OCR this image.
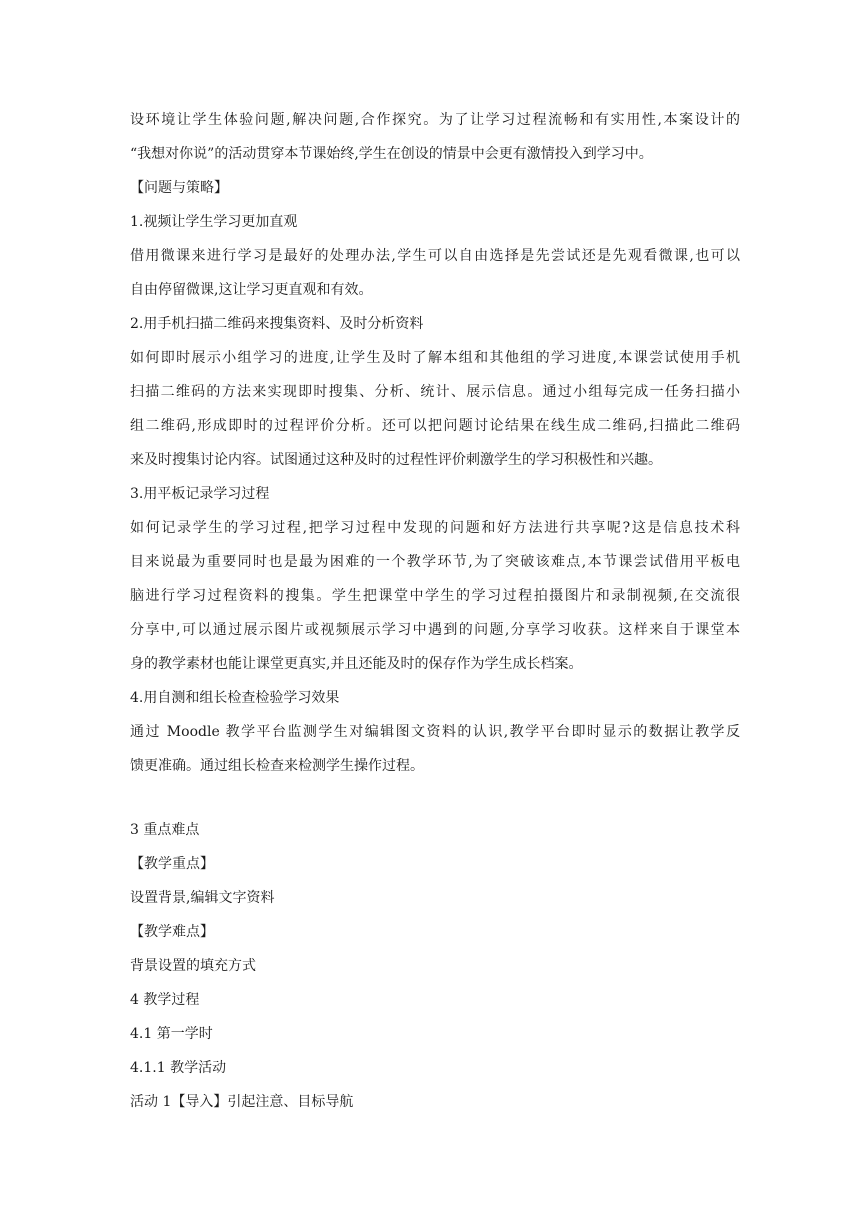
设环境让学生体验问题,解决问题,合作探究。为了让学习过程流畅和有实用性,本案设计的
“我想对你说”的活动贯穿本节课始终,学生在创设的情景中会更有激情投入到学习中。
【问题与策略】
1.视频让学生学习更加直观
借用微课来进行学习是最好的处理办法,学生可以自由选择是先尝试还是先观看微课,也可以
自由停留微课,这让学习更直观和有效。
2.用手机扫描二维码来搜集资料、及时分析资料
如何即时展示小组学习的进度,让学生及时了解本组和其他组的学习进度,本课尝试使用手机
扫描二维码的方法来实现即时搜集、分析、统计、展示信息。通过小组每完成一任务扫描小
组二维码,形成即时的过程评价分析。还可以把问题讨论结果在线生成二维码,扫描此二维码
来及时搜集讨论内容。试图通过这种及时的过程性评价刺激学生的学习积极性和兴趣。
3.用平板记录学习过程
如何记录学生的学习过程,把学习过程中发现的问题和好方法进行共享呢?这是信息技术科
目来说最为重要同时也是最为困难的一个教学环节,为了突破该难点,本节课尝试借用平板电
脑进行学习过程资料的搜集。学生把课堂中学生的学习过程拍摄图片和录制视频,在交流很
分享中,可以通过展示图片或视频展示学习中遇到的问题,分享学习收获。这样来自于课堂本
身的教学素材也能让课堂更真实,并且还能及时的保存作为学生成长档案。
4.用自测和组长检查检验学习效果
通过 Moodle 教学平台监测学生对编辑图文资料的认识,教学平台即时显示的数据让教学反
馈更准确。通过组长检查来检测学生操作过程。
3 重点难点
【教学重点】
设置背景,编辑文字资料
【教学难点】
背景设置的填充方式
4 教学过程
4.1 第一学时
4.1.1 教学活动
活动 1【导入】引起注意、目标导航
